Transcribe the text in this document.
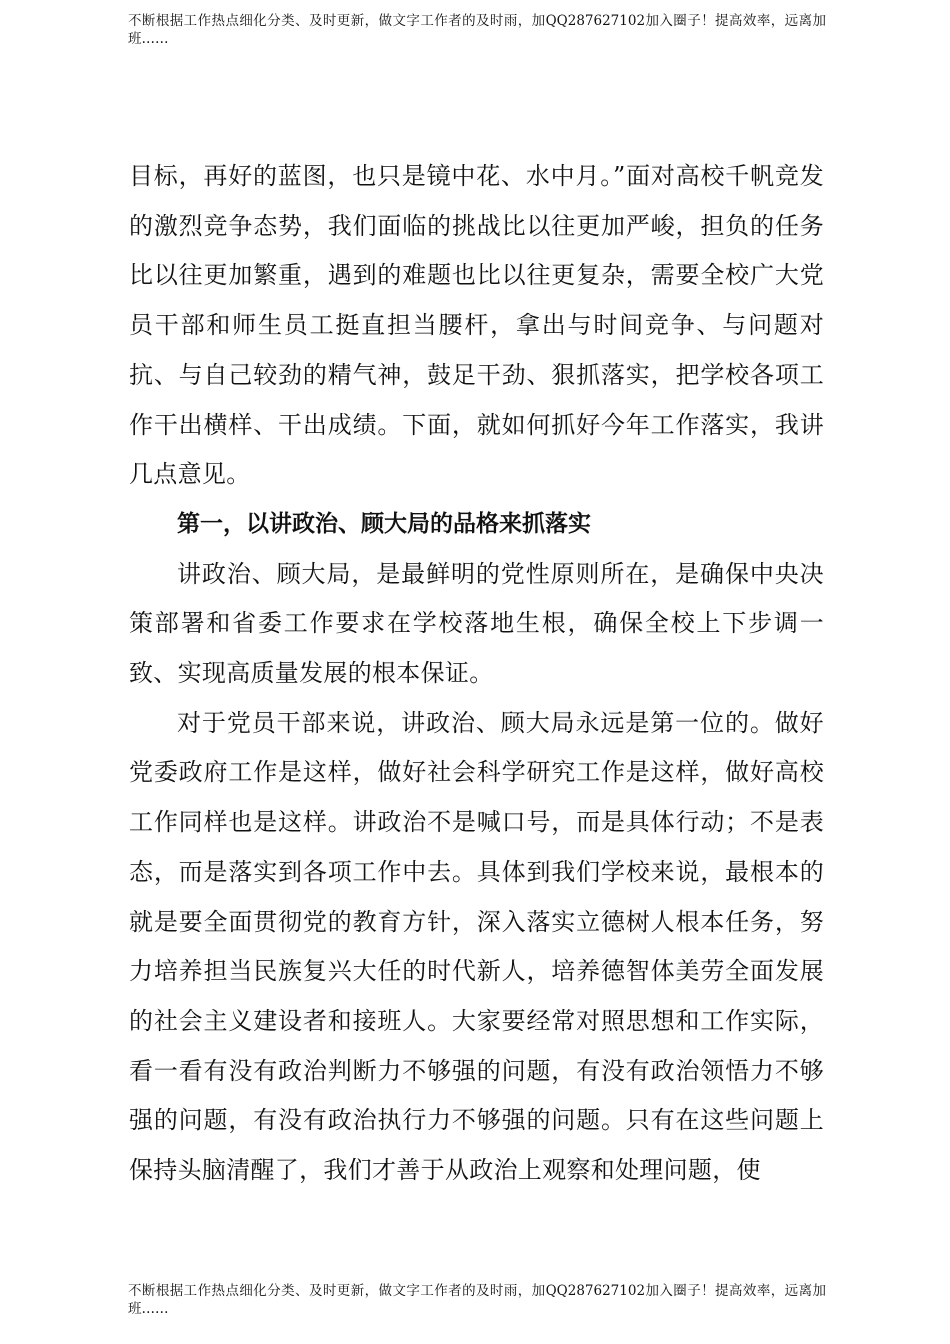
不断根据工作热点细化分类、及时更新，做文字工作者的及时雨，加QQ287627102加入圈子！提高效率，远离加班……

目标，再好的蓝图，也只是镜中花、水中月。”面对高校千帆竞发的激烈竞争态势，我们面临的挑战比以往更加严峻，担负的任务比以往更加繁重，遇到的难题也比以往更复杂，需要全校广大党员干部和师生员工挺直担当腰杆，拿出与时间竞争、与问题对抗、与自己较劲的精气神，鼓足干劲、狠抓落实，把学校各项工作干出横样、干出成绩。下面，就如何抓好今年工作落实，我讲几点意见。

第一，以讲政治、顾大局的品格来抓落实

讲政治、顾大局，是最鲜明的党性原则所在，是确保中央决策部署和省委工作要求在学校落地生根，确保全校上下步调一致、实现高质量发展的根本保证。

对于党员干部来说，讲政治、顾大局永远是第一位的。做好党委政府工作是这样，做好社会科学研究工作是这样，做好高校工作同样也是这样。讲政治不是喊口号，而是具体行动；不是表态，而是落实到各项工作中去。具体到我们学校来说，最根本的就是要全面贯彻党的教育方针，深入落实立德树人根本任务，努力培养担当民族复兴大任的时代新人，培养德智体美劳全面发展的社会主义建设者和接班人。大家要经常对照思想和工作实际，看一看有没有政治判断力不够强的问题，有没有政治领悟力不够强的问题，有没有政治执行力不够强的问题。只有在这些问题上保持头脑清醒了，我们才善于从政治上观察和处理问题，使

不断根据工作热点细化分类、及时更新，做文字工作者的及时雨，加QQ287627102加入圈子！提高效率，远离加班……
